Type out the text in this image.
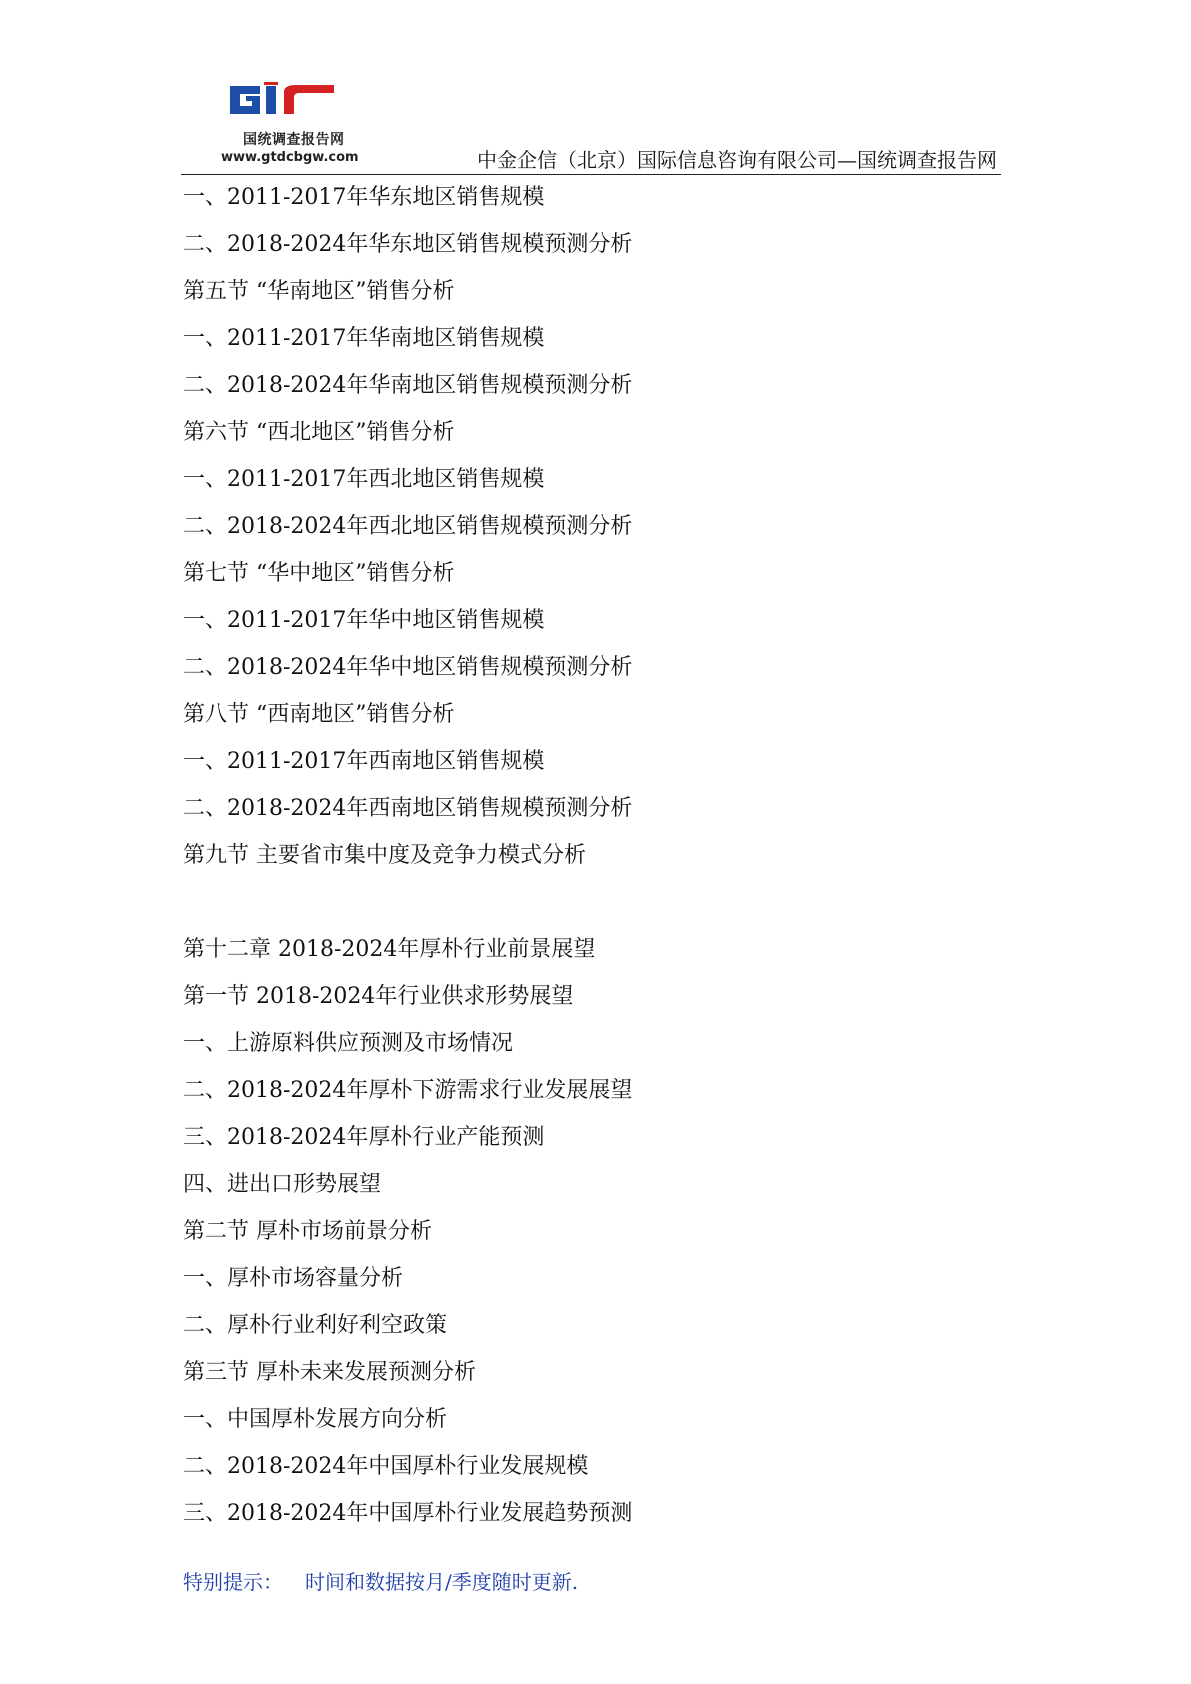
国统调查报告网
www.gtdcbgw.com	中金企信（北京）国际信息咨询有限公司—国统调查报告网
一、2011-2017年华东地区销售规模
二、2018-2024年华东地区销售规模预测分析
第五节 “华南地区”销售分析
一、2011-2017年华南地区销售规模
二、2018-2024年华南地区销售规模预测分析
第六节 “西北地区”销售分析
一、2011-2017年西北地区销售规模
二、2018-2024年西北地区销售规模预测分析
第七节 “华中地区”销售分析
一、2011-2017年华中地区销售规模
二、2018-2024年华中地区销售规模预测分析
第八节 “西南地区”销售分析
一、2011-2017年西南地区销售规模
二、2018-2024年西南地区销售规模预测分析
第九节 主要省市集中度及竞争力模式分析
第十二章 2018-2024年厚朴行业前景展望
第一节 2018-2024年行业供求形势展望
一、上游原料供应预测及市场情况
二、2018-2024年厚朴下游需求行业发展展望
三、2018-2024年厚朴行业产能预测
四、进出口形势展望
第二节 厚朴市场前景分析
一、厚朴市场容量分析
二、厚朴行业利好利空政策
第三节 厚朴未来发展预测分析
一、中国厚朴发展方向分析
二、2018-2024年中国厚朴行业发展规模
三、2018-2024年中国厚朴行业发展趋势预测
特别提示： 时间和数据按月/季度随时更新.
